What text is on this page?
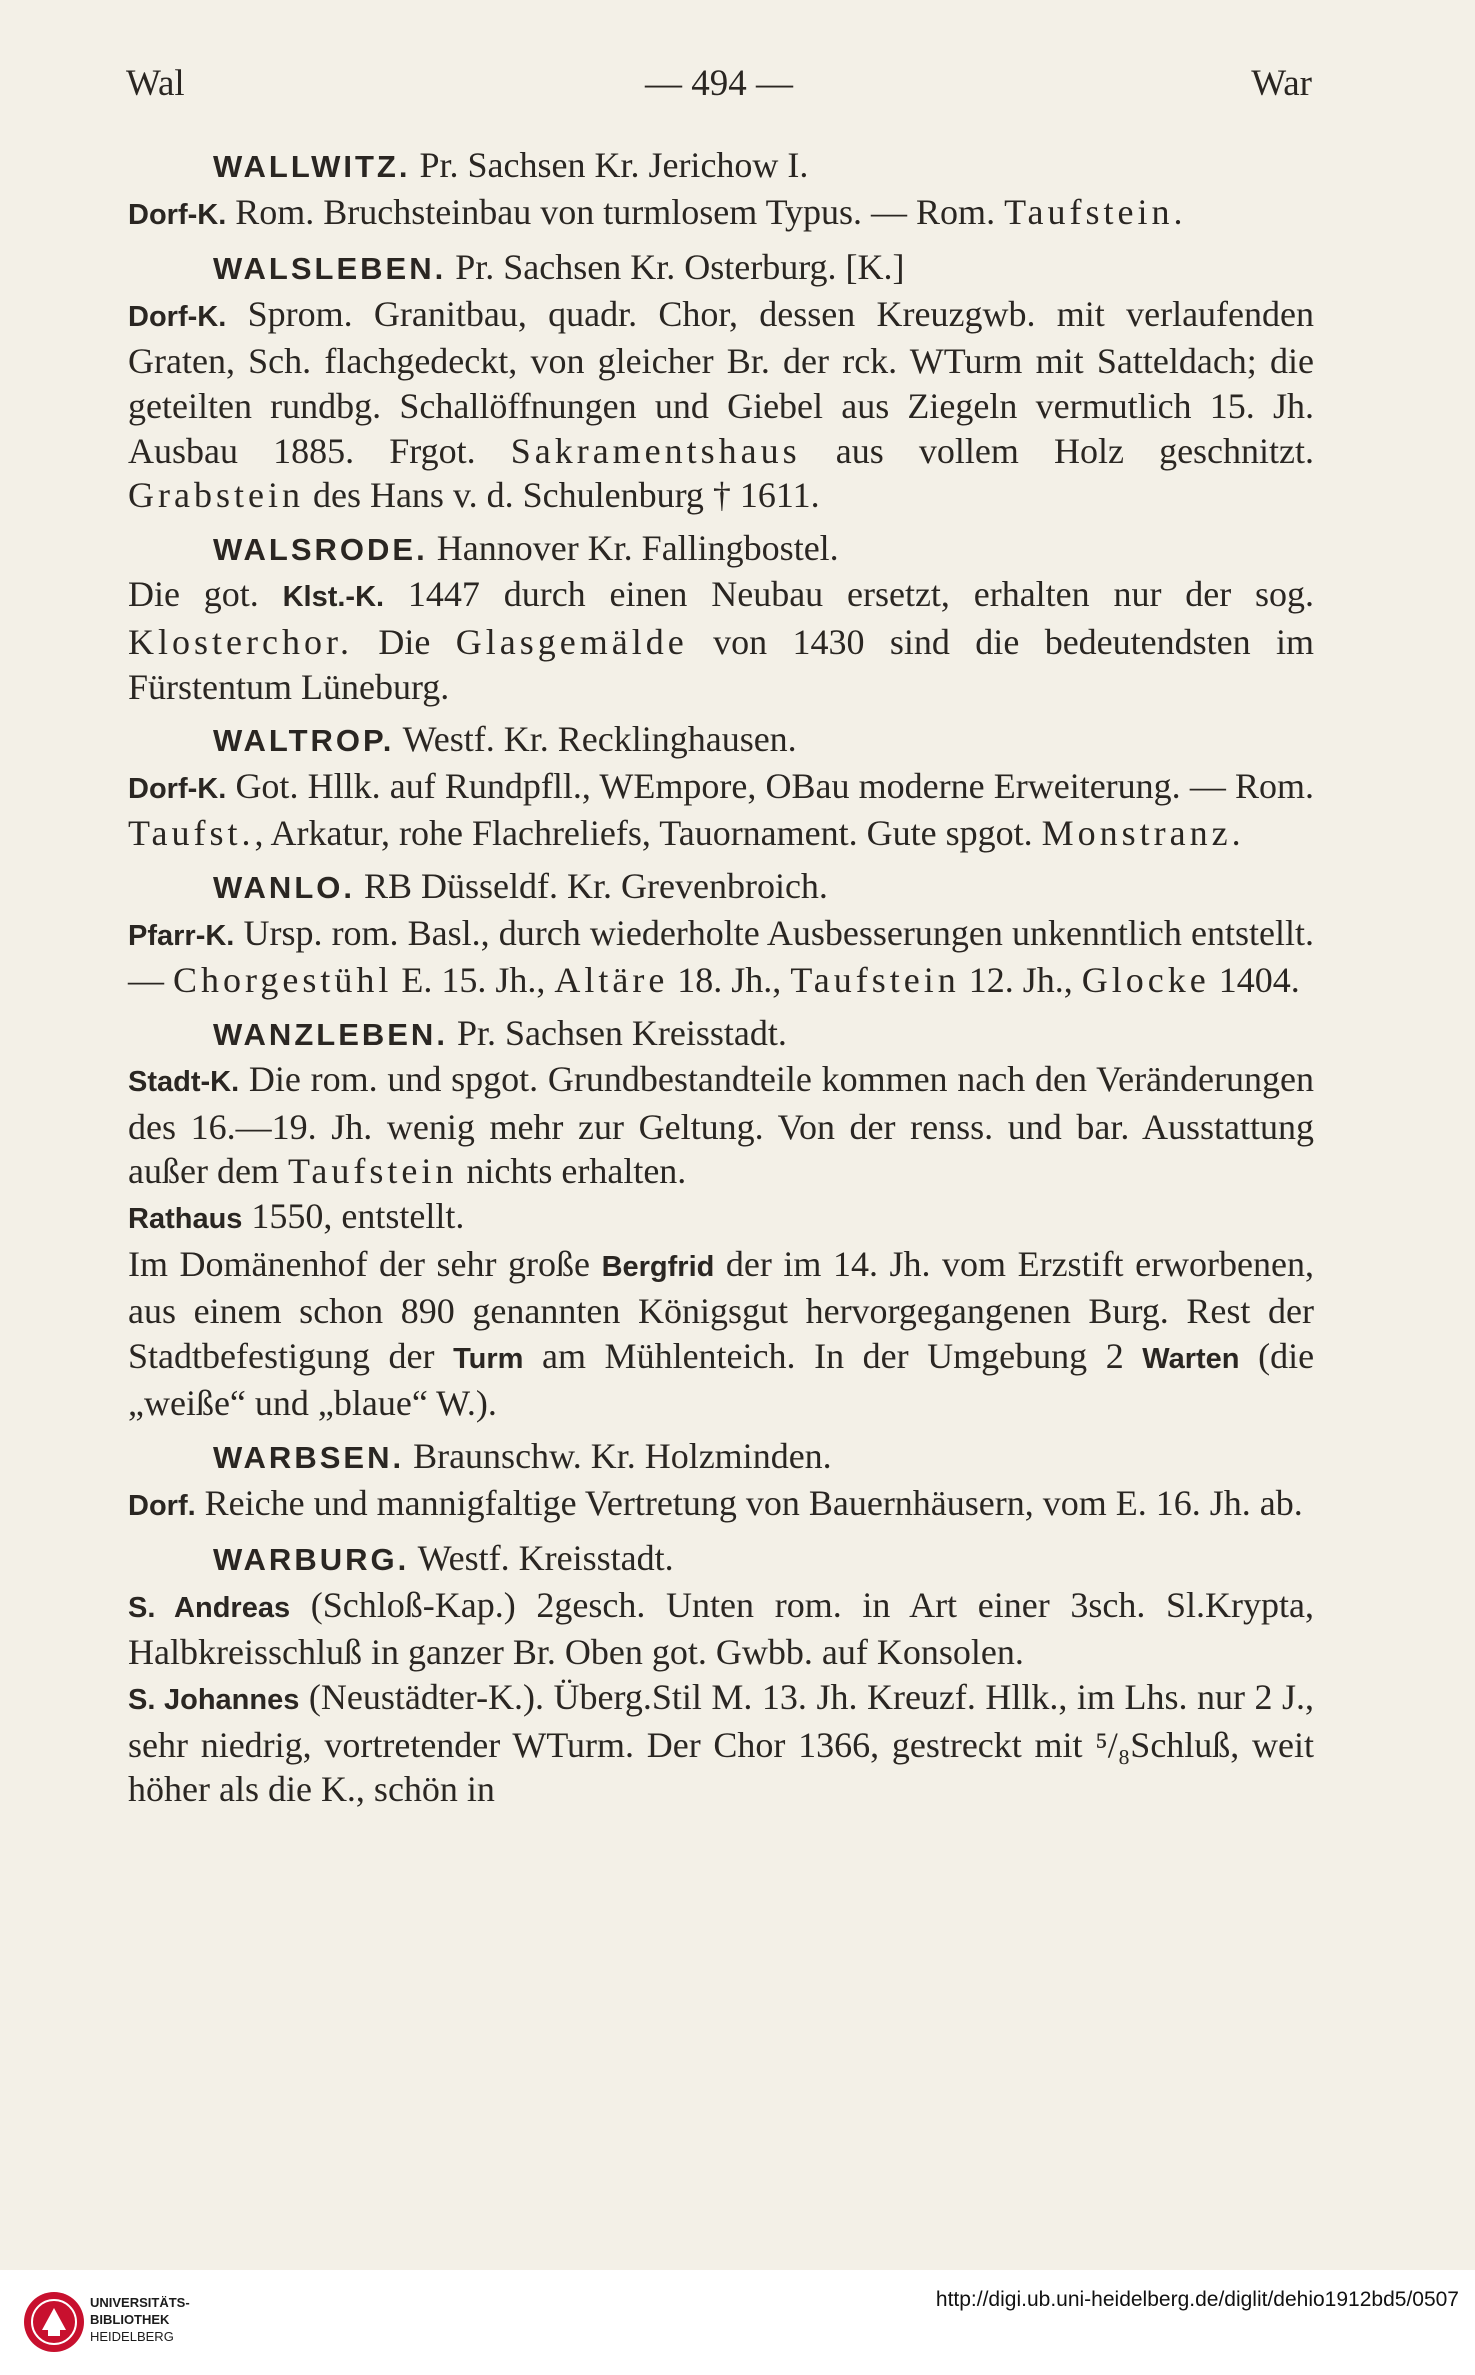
Wal	— 494 —	War

WALLWITZ. Pr. Sachsen Kr. Jerichow I.

Dorf-K. Rom. Bruchsteinbau von turmlosem Typus. — Rom. Taufstein.

WALSLEBEN. Pr. Sachsen Kr. Osterburg. [K.]

Dorf-K. Sprom. Granitbau, quadr. Chor, dessen Kreuzgwb. mit verlaufenden Graten, Sch. flachgedeckt, von gleicher Br. der rck. WTurm mit Satteldach; die geteilten rundbg. Schallöffnungen und Giebel aus Ziegeln vermutlich 15. Jh. Ausbau 1885. Frgot. Sakramentshaus aus vollem Holz geschnitzt. Grabstein des Hans v. d. Schulenburg † 1611.

WALSRODE. Hannover Kr. Fallingbostel.

Die got. Klst.-K. 1447 durch einen Neubau ersetzt, erhalten nur der sog. Klosterchor. Die Glasgemälde von 1430 sind die bedeutendsten im Fürstentum Lüneburg.

WALTROP. Westf. Kr. Recklinghausen.

Dorf-K. Got. Hllk. auf Rundpfll., WEmpore, OBau moderne Erweiterung. — Rom. Taufst., Arkatur, rohe Flachreliefs, Tauornament. Gute spgot. Monstranz.

WANLO. RB Düsseldf. Kr. Grevenbroich.

Pfarr-K. Ursp. rom. Basl., durch wiederholte Ausbesserungen unkenntlich entstellt. — Chorgestühl E. 15. Jh., Altäre 18. Jh., Taufstein 12. Jh., Glocke 1404.

WANZLEBEN. Pr. Sachsen Kreisstadt.

Stadt-K. Die rom. und spgot. Grundbestandteile kommen nach den Veränderungen des 16.—19. Jh. wenig mehr zur Geltung. Von der renss. und bar. Ausstattung außer dem Taufstein nichts erhalten.

Rathaus 1550, entstellt.

Im Domänenhof der sehr große Bergfrid der im 14. Jh. vom Erzstift erworbenen, aus einem schon 890 genannten Königsgut hervorgegangenen Burg. Rest der Stadtbefestigung der Turm am Mühlenteich. In der Umgebung 2 Warten (die „weiße“ und „blaue“ W.).

WARBSEN. Braunschw. Kr. Holzminden.

Dorf. Reiche und mannigfaltige Vertretung von Bauernhäusern, vom E. 16. Jh. ab.

WARBURG. Westf. Kreisstadt.

S. Andreas (Schloß-Kap.) 2gesch. Unten rom. in Art einer 3sch. Sl.Krypta, Halbkreisschluß in ganzer Br. Oben got. Gwbb. auf Konsolen.

S. Johannes (Neustädter-K.). Überg.Stil M. 13. Jh. Kreuzf. Hllk., im Lhs. nur 2 J., sehr niedrig, vortretender WTurm. Der Chor 1366, gestreckt mit ⁵/₈Schluß, weit höher als die K., schön in

UNIVERSITÄTS-
BIBLIOTHEK
HEIDELBERG
http://digi.ub.uni-heidelberg.de/diglit/dehio1912bd5/0507
